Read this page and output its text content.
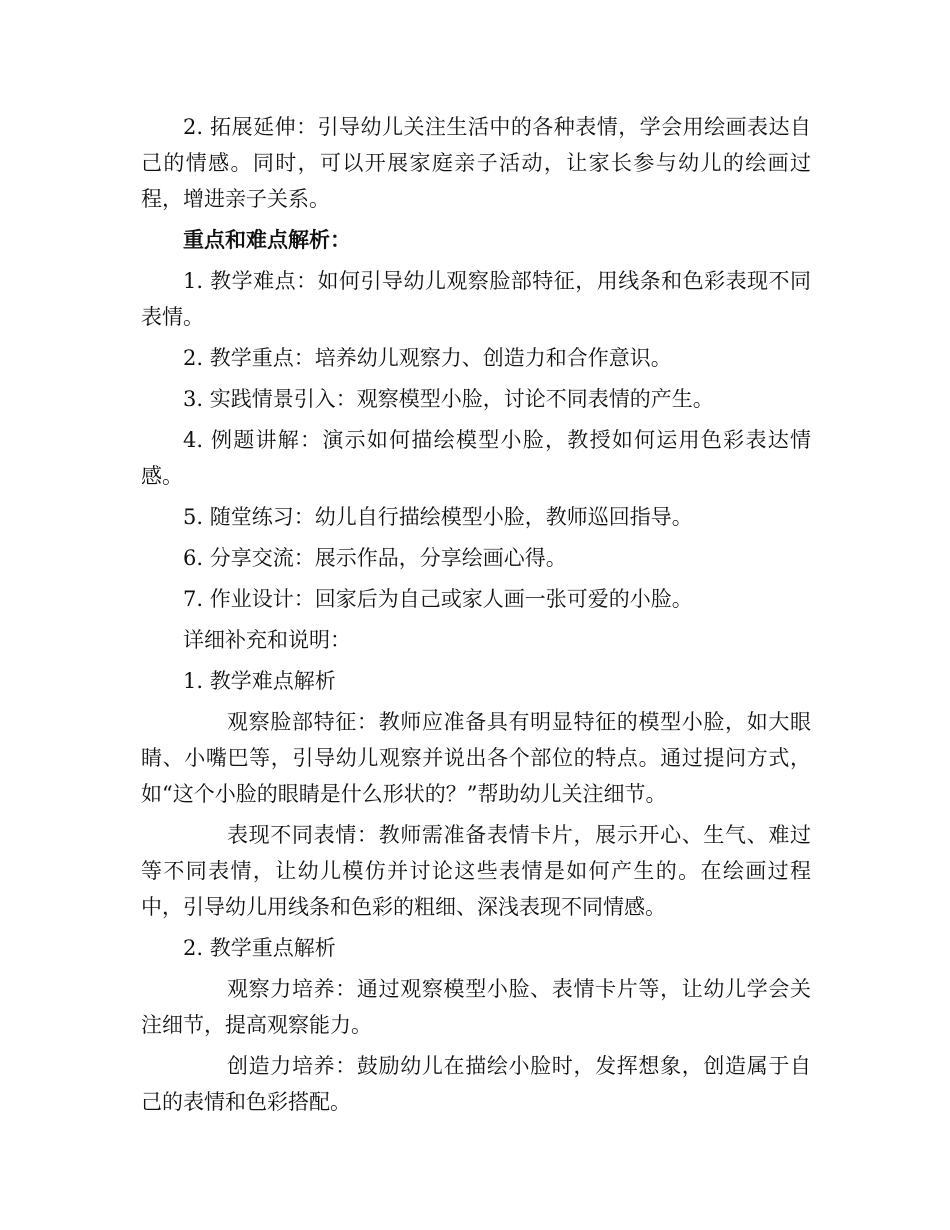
2. 拓展延伸：引导幼儿关注生活中的各种表情，学会用绘画表达自己的情感。同时，可以开展家庭亲子活动，让家长参与幼儿的绘画过程，增进亲子关系。

重点和难点解析：

1. 教学难点：如何引导幼儿观察脸部特征，用线条和色彩表现不同表情。

2. 教学重点：培养幼儿观察力、创造力和合作意识。

3. 实践情景引入：观察模型小脸，讨论不同表情的产生。

4. 例题讲解：演示如何描绘模型小脸，教授如何运用色彩表达情感。

5. 随堂练习：幼儿自行描绘模型小脸，教师巡回指导。

6. 分享交流：展示作品，分享绘画心得。

7. 作业设计：回家后为自己或家人画一张可爱的小脸。

详细补充和说明：

1. 教学难点解析

观察脸部特征：教师应准备具有明显特征的模型小脸，如大眼睛、小嘴巴等，引导幼儿观察并说出各个部位的特点。通过提问方式，如“这个小脸的眼睛是什么形状的？”帮助幼儿关注细节。

表现不同表情：教师需准备表情卡片，展示开心、生气、难过等不同表情，让幼儿模仿并讨论这些表情是如何产生的。在绘画过程中，引导幼儿用线条和色彩的粗细、深浅表现不同情感。

2. 教学重点解析

观察力培养：通过观察模型小脸、表情卡片等，让幼儿学会关注细节，提高观察能力。

创造力培养：鼓励幼儿在描绘小脸时，发挥想象，创造属于自己的表情和色彩搭配。
